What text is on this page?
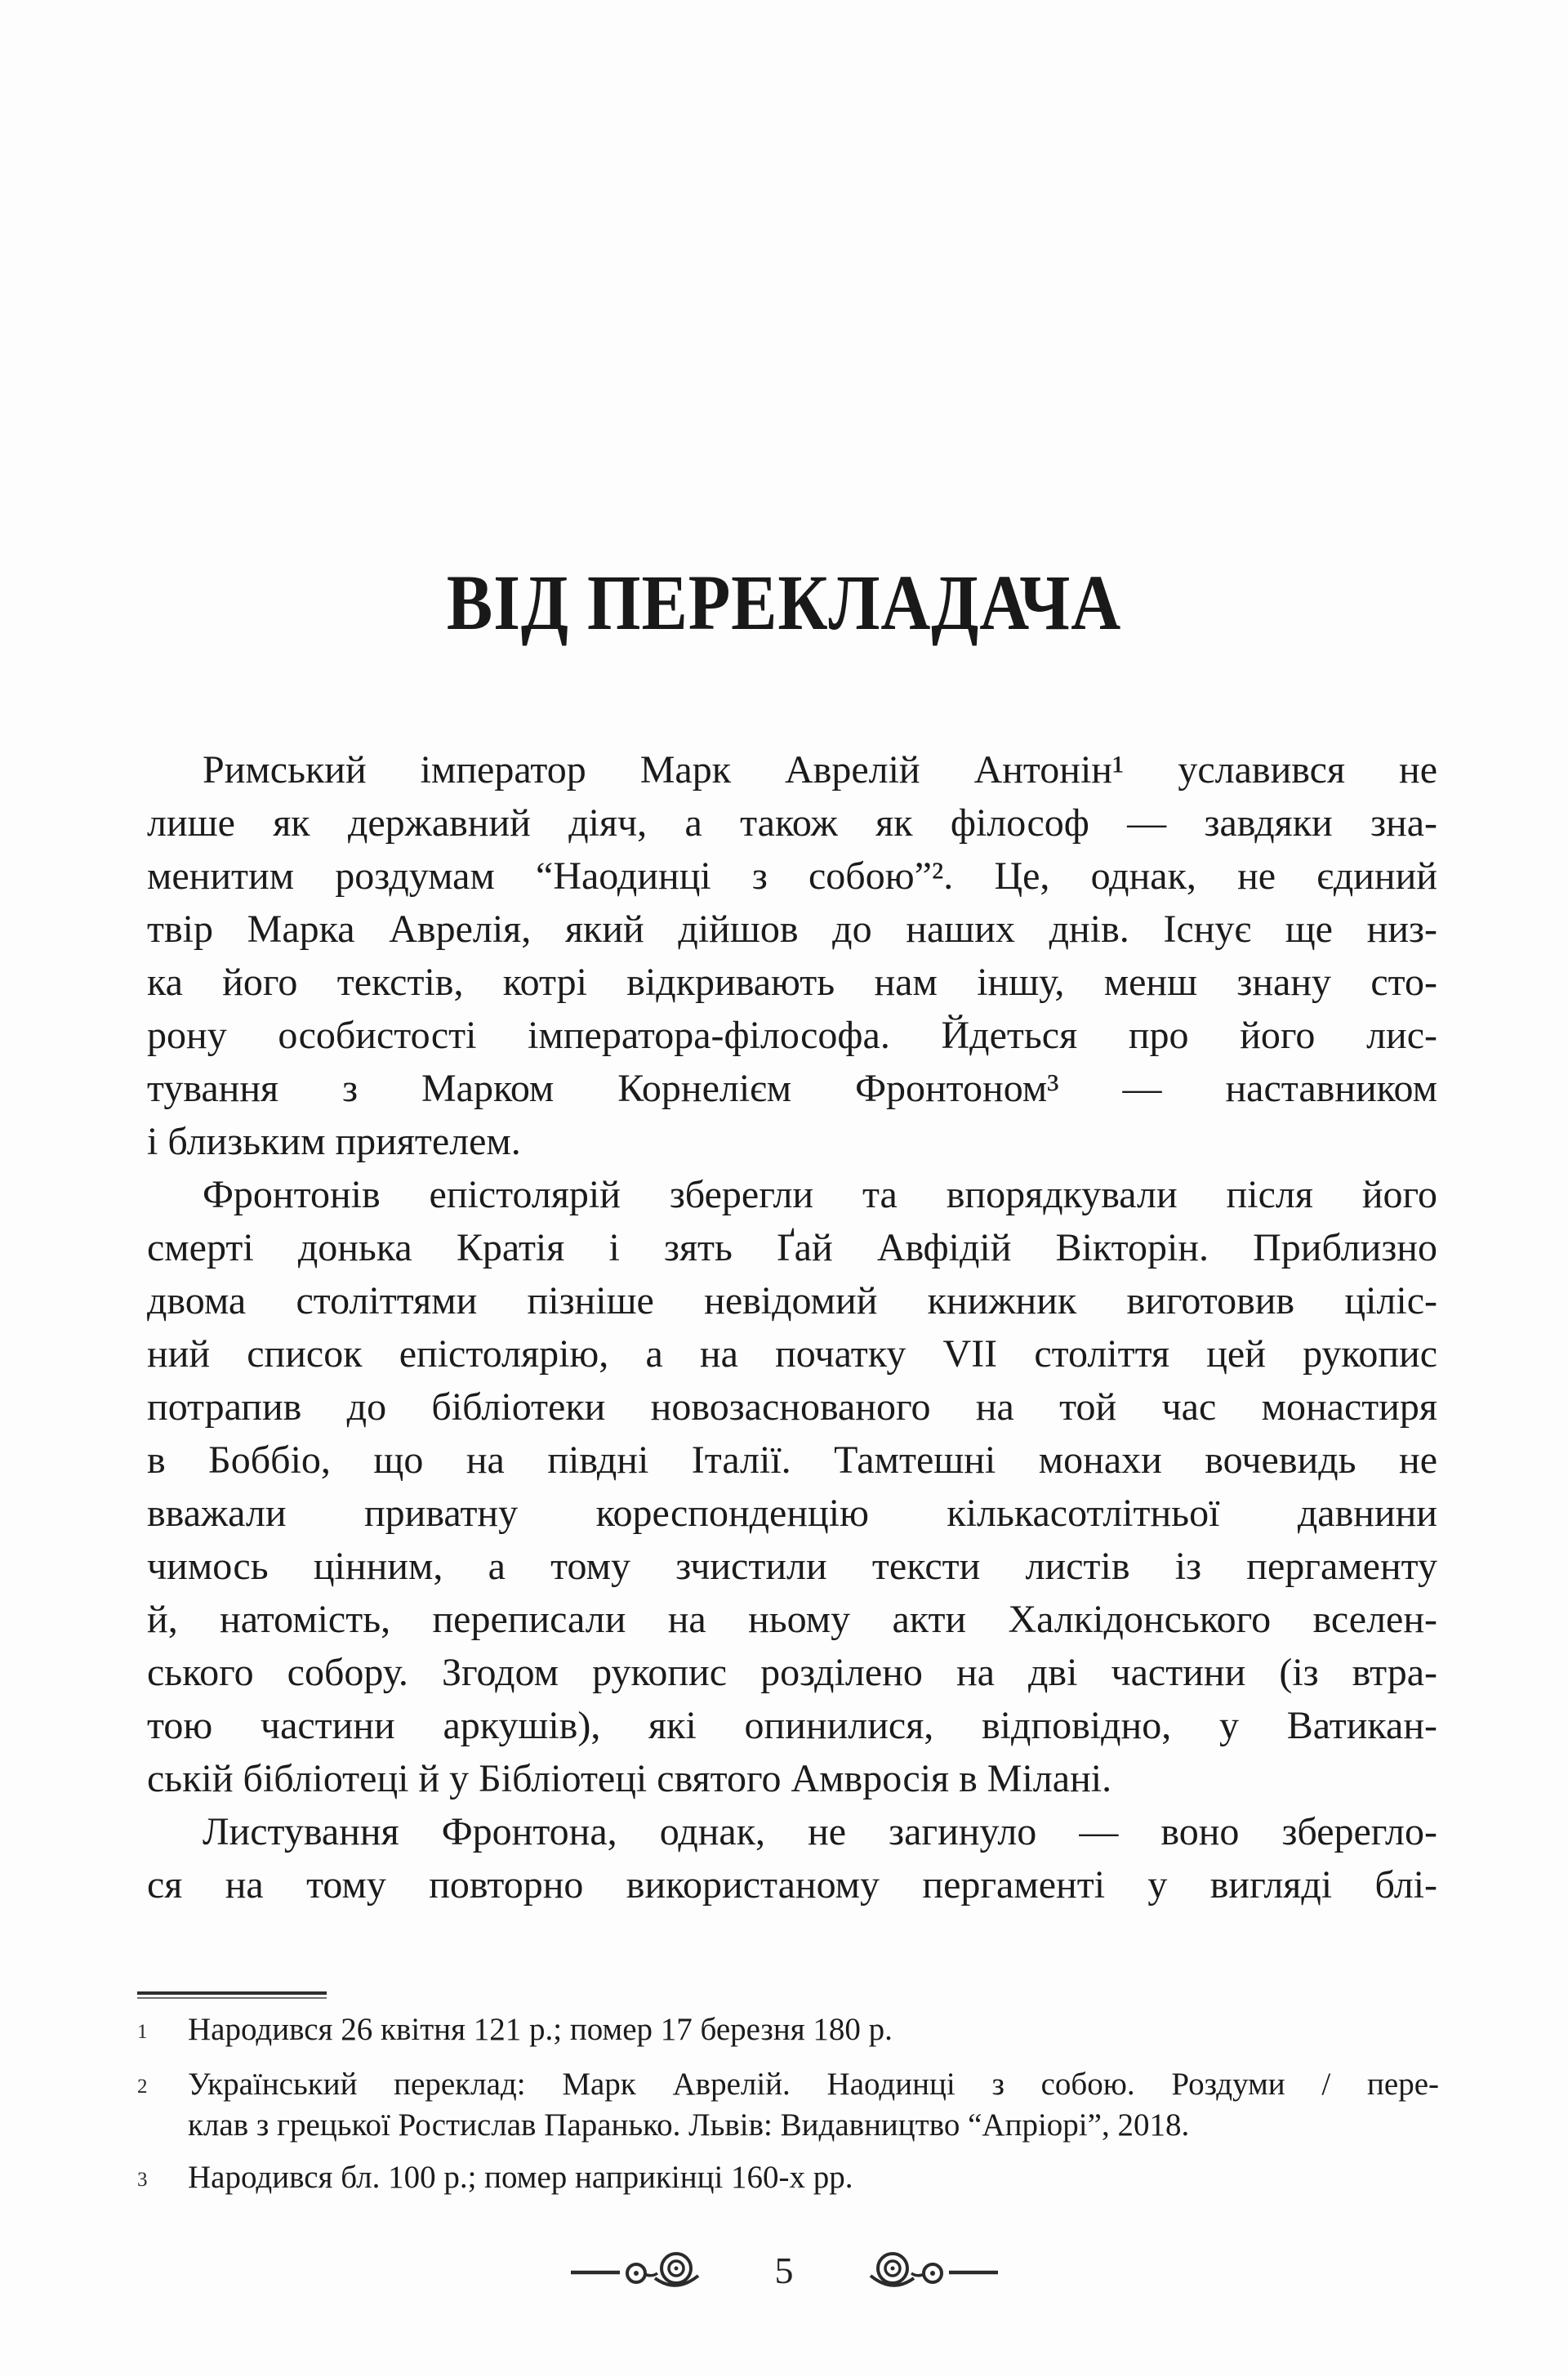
ВІД ПЕРЕКЛАДАЧА
Римський імператор Марк Аврелій Антонін¹ уславився не
лише як державний діяч, а також як філософ — завдяки зна-
менитим роздумам “Наодинці з собою”². Це, однак, не єдиний
твір Марка Аврелія, який дійшов до наших днів. Існує ще низ-
ка його текстів, котрі відкривають нам іншу, менш знану сто-
рону особистості імператора-філософа. Йдеться про його лис-
тування з Марком Корнелієм Фронтоном³ — наставником
і близьким приятелем.
Фронтонів епістолярій зберегли та впорядкували після його
смерті донька Кратія і зять Ґай Авфідій Вікторін. Приблизно
двома століттями пізніше невідомий книжник виготовив ціліс-
ний список епістолярію, а на початку VII століття цей рукопис
потрапив до бібліотеки новозаснованого на той час монастиря
в Боббіо, що на півдні Італії. Тамтешні монахи вочевидь не
вважали приватну кореспонденцію кількасотлітньої давнини
чимось цінним, а тому зчистили тексти листів із пергаменту
й, натомість, переписали на ньому акти Халкідонського вселен-
ського собору. Згодом рукопис розділено на дві частини (із втра-
тою частини аркушів), які опинилися, відповідно, у Ватикан-
ській бібліотеці й у Бібліотеці святого Амвросія в Мілані.
Листування Фронтона, однак, не загинуло — воно зберегло-
ся на тому повторно використаному пергаменті у вигляді блі-
1	Народився 26 квітня 121 р.; помер 17 березня 180 р.
2	Український переклад: Марк Аврелій. Наодинці з собою. Роздуми / пере-
клав з грецької Ростислав Паранько. Львів: Видавництво “Апріорі”, 2018.
3	Народився бл. 100 р.; помер наприкінці 160-х рр.
5
